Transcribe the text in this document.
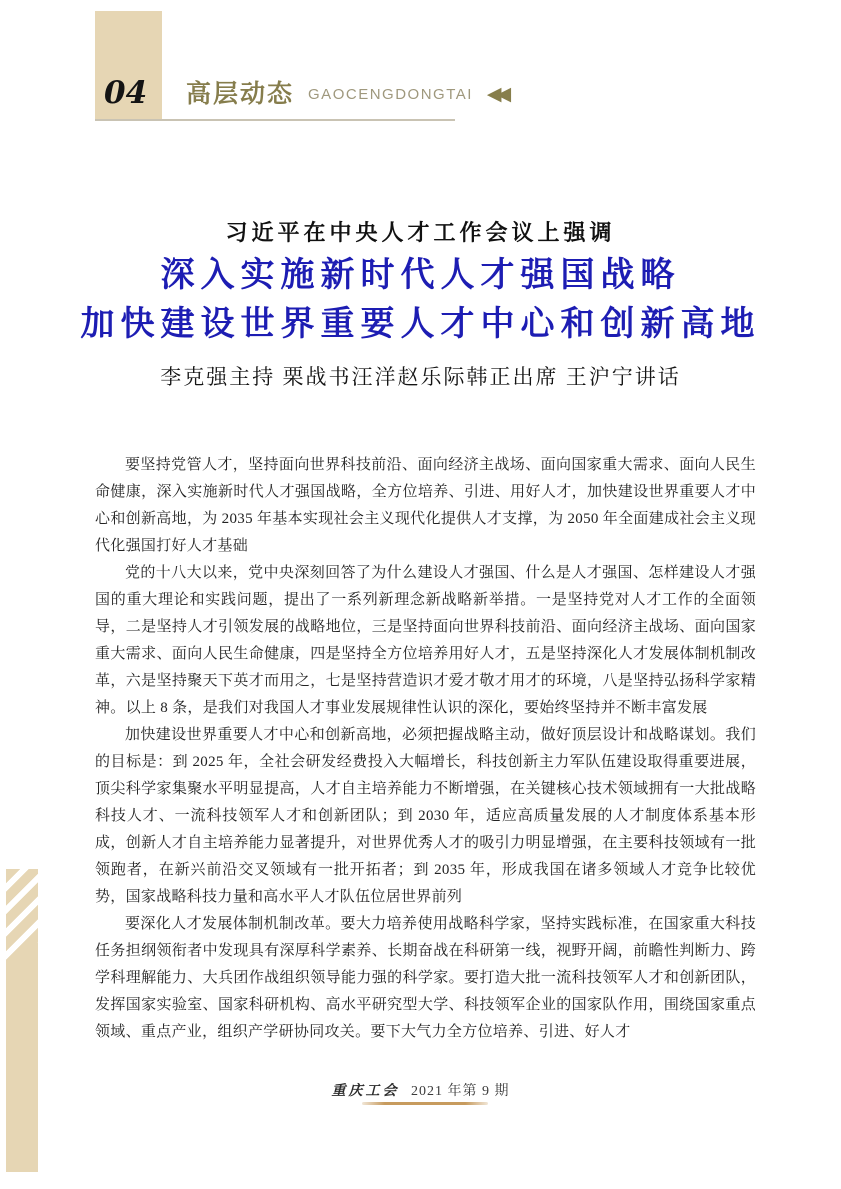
04 高层动态 GAOCENGDONGTAI ◀◀
习近平在中央人才工作会议上强调
深入实施新时代人才强国战略
加快建设世界重要人才中心和创新高地
李克强主持 栗战书汪洋赵乐际韩正出席 王沪宁讲话

要坚持党管人才，坚持面向世界科技前沿、面向经济主战场、面向国家重大需求、面向人民生命健康，深入实施新时代人才强国战略，全方位培养、引进、用好人才，加快建设世界重要人才中心和创新高地，为 2035 年基本实现社会主义现代化提供人才支撑，为 2050 年全面建成社会主义现代化强国打好人才基础

党的十八大以来，党中央深刻回答了为什么建设人才强国、什么是人才强国、怎样建设人才强国的重大理论和实践问题，提出了一系列新理念新战略新举措。一是坚持党对人才工作的全面领导，二是坚持人才引领发展的战略地位，三是坚持面向世界科技前沿、面向经济主战场、面向国家重大需求、面向人民生命健康，四是坚持全方位培养用好人才，五是坚持深化人才发展体制机制改革，六是坚持聚天下英才而用之，七是坚持营造识才爱才敬才用才的环境，八是坚持弘扬科学家精神。以上 8 条，是我们对我国人才事业发展规律性认识的深化，要始终坚持并不断丰富发展

加快建设世界重要人才中心和创新高地，必须把握战略主动，做好顶层设计和战略谋划。我们的目标是：到 2025 年，全社会研发经费投入大幅增长，科技创新主力军队伍建设取得重要进展，顶尖科学家集聚水平明显提高，人才自主培养能力不断增强，在关键核心技术领域拥有一大批战略科技人才、一流科技领军人才和创新团队；到 2030 年，适应高质量发展的人才制度体系基本形成，创新人才自主培养能力显著提升，对世界优秀人才的吸引力明显增强，在主要科技领域有一批领跑者，在新兴前沿交叉领域有一批开拓者；到 2035 年，形成我国在诸多领域人才竞争比较优势，国家战略科技力量和高水平人才队伍位居世界前列

要深化人才发展体制机制改革。要大力培养使用战略科学家，坚持实践标准，在国家重大科技任务担纲领衔者中发现具有深厚科学素养、长期奋战在科研第一线，视野开阔，前瞻性判断力、跨学科理解能力、大兵团作战组织领导能力强的科学家。要打造大批一流科技领军人才和创新团队，发挥国家实验室、国家科研机构、高水平研究型大学、科技领军企业的国家队作用，围绕国家重点领域、重点产业，组织产学研协同攻关。要下大气力全方位培养、引进、好人才

重庆工会 2021 年第 9 期
